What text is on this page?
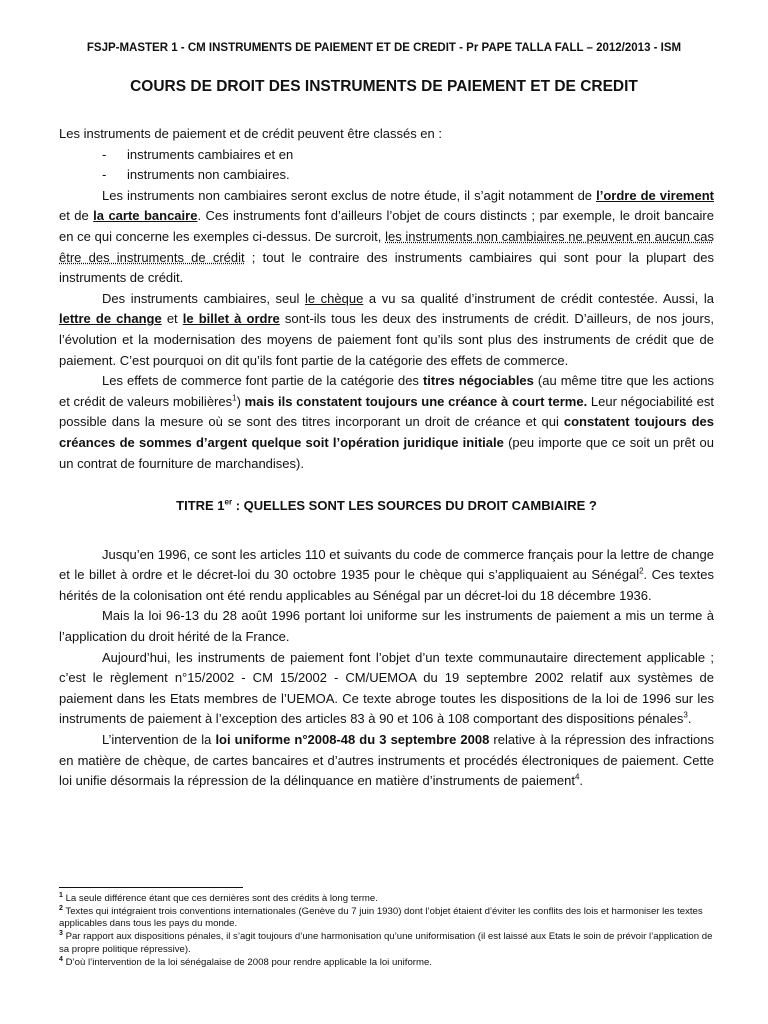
FSJP-MASTER 1 - CM INSTRUMENTS DE PAIEMENT ET DE CREDIT - Pr PAPE TALLA FALL – 2012/2013 - ISM
COURS DE DROIT DES INSTRUMENTS DE PAIEMENT ET DE CREDIT

Les instruments de paiement et de crédit peuvent être classés en :

- instruments cambiaires et en
- instruments non cambiaires.

Les instruments non cambiaires seront exclus de notre étude, il s’agit notamment de l’ordre de virement et de la carte bancaire. Ces instruments font d’ailleurs l’objet de cours distincts ; par exemple, le droit bancaire en ce qui concerne les exemples ci-dessus. De surcroit, les instruments non cambiaires ne peuvent en aucun cas être des instruments de crédit ; tout le contraire des instruments cambiaires qui sont pour la plupart des instruments de crédit.

Des instruments cambiaires, seul le chèque a vu sa qualité d’instrument de crédit contestée. Aussi, la lettre de change et le billet à ordre sont-ils tous les deux des instruments de crédit. D’ailleurs, de nos jours, l’évolution et la modernisation des moyens de paiement font qu’ils sont plus des instruments de crédit que de paiement. C’est pourquoi on dit qu’ils font partie de la catégorie des effets de commerce.

Les effets de commerce font partie de la catégorie des titres négociables (au même titre que les actions et crédit de valeurs mobilières$^1$) mais ils constatent toujours une créance à court terme. Leur négociabilité est possible dans la mesure où se sont des titres incorporant un droit de créance et qui constatent toujours des créances de sommes d’argent quelque soit l’opération juridique initiale (peu importe que ce soit un prêt ou un contrat de fourniture de marchandises).

TITRE 1er : QUELLES SONT LES SOURCES DU DROIT CAMBIAIRE ?

Jusqu’en 1996, ce sont les articles 110 et suivants du code de commerce français pour la lettre de change et le billet à ordre et le décret-loi du 30 octobre 1935 pour le chèque qui s’appliquaient au Sénégal$^2$. Ces textes hérités de la colonisation ont été rendu applicables au Sénégal par un décret-loi du 18 décembre 1936.

Mais la loi 96-13 du 28 août 1996 portant loi uniforme sur les instruments de paiement a mis un terme à l’application du droit hérité de la France.

Aujourd’hui, les instruments de paiement font l’objet d’un texte communautaire directement applicable ; c’est le règlement n°15/2002 - CM 15/2002 - CM/UEMOA du 19 septembre 2002 relatif aux systèmes de paiement dans les Etats membres de l’UEMOA. Ce texte abroge toutes les dispositions de la loi de 1996 sur les instruments de paiement à l’exception des articles 83 à 90 et 106 à 108 comportant des dispositions pénales$^3$.

L’intervention de la loi uniforme n°2008-48 du 3 septembre 2008 relative à la répression des infractions en matière de chèque, de cartes bancaires et d’autres instruments et procédés électroniques de paiement. Cette loi unifie désormais la répression de la délinquance en matière d’instruments de paiement$^4$.

$^1$ La seule différence étant que ces dernières sont des crédits à long terme.

$^2$ Textes qui intégraient trois conventions internationales (Genève du 7 juin 1930) dont l’objet étaient d’éviter les conflits des lois et harmoniser les textes applicables dans tous les pays du monde.

$^3$ Par rapport aux dispositions pénales, il s’agit toujours d’une harmonisation qu’une uniformisation (il est laissé aux Etats le soin de prévoir l’application de sa propre politique répressive).

$^4$ D’où l’intervention de la loi sénégalaise de 2008 pour rendre applicable la loi uniforme.
